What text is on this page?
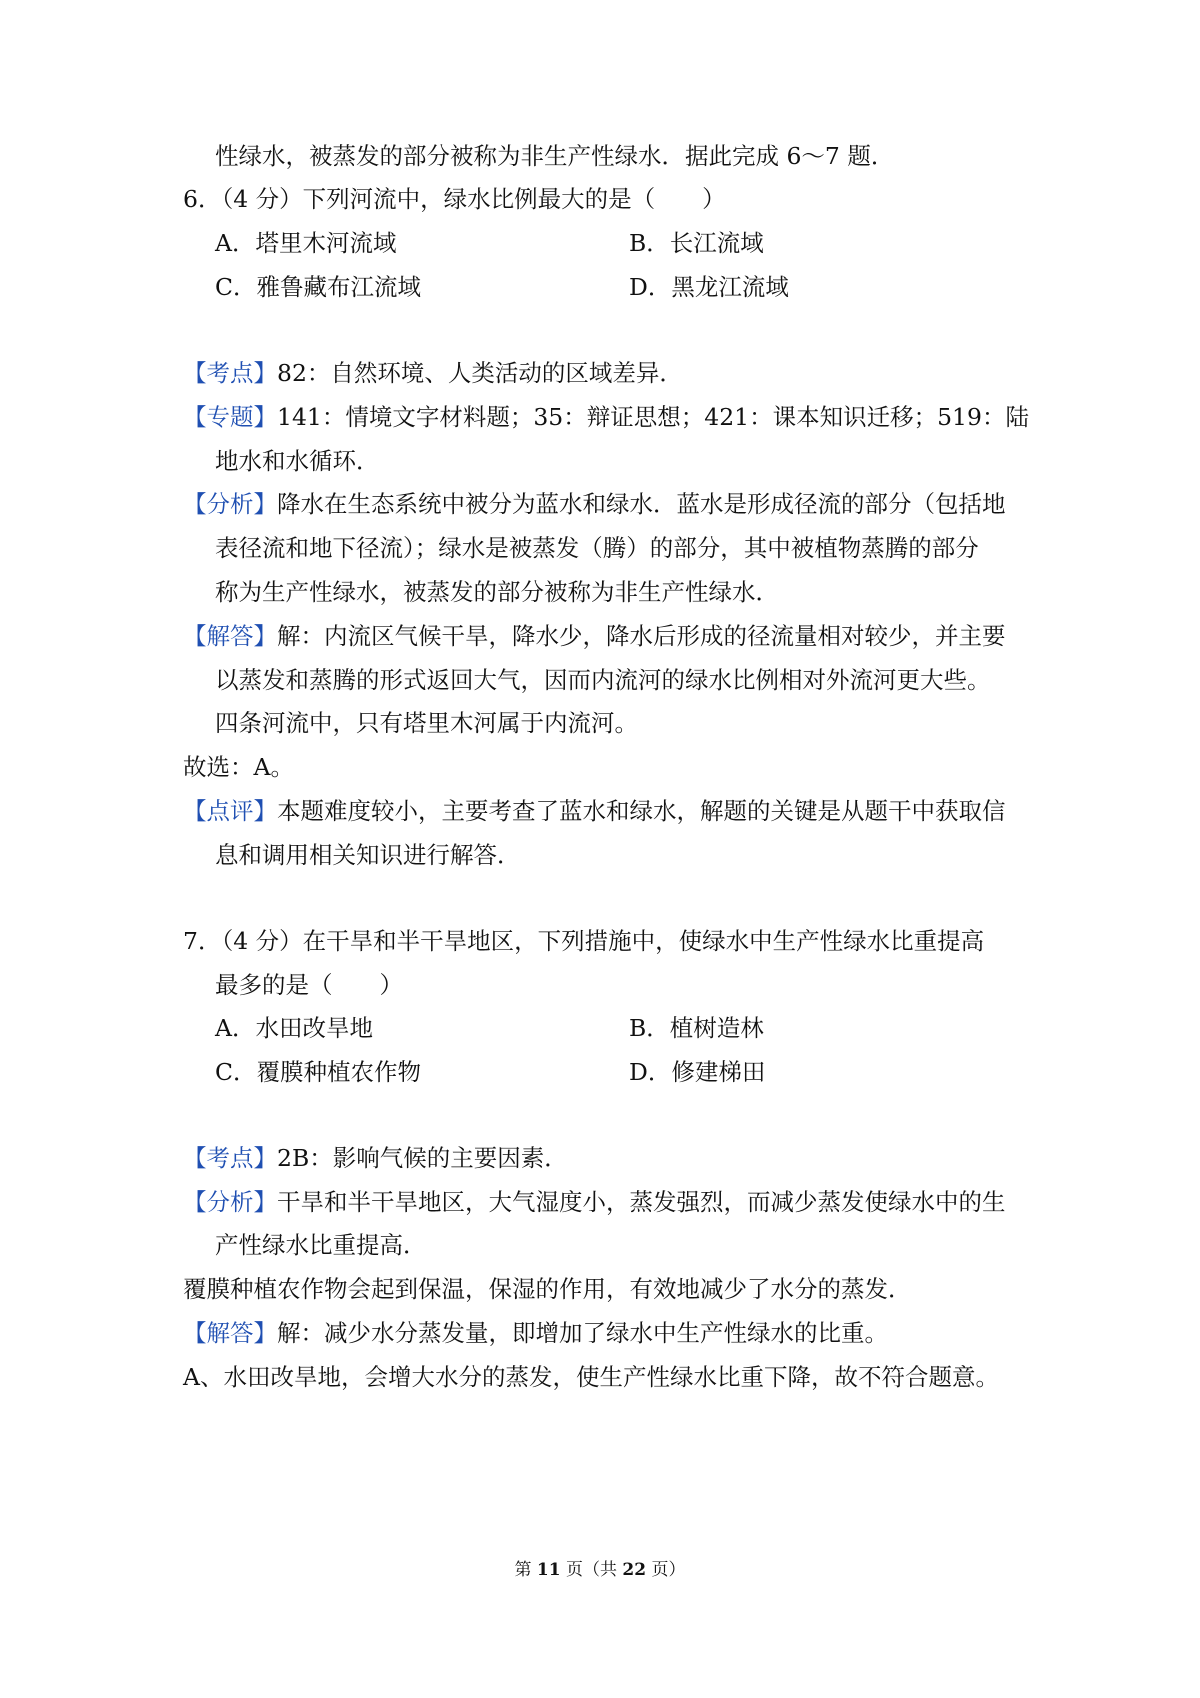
性绿水，被蒸发的部分被称为非生产性绿水．据此完成 6～7 题．
6．（4 分）下列河流中，绿水比例最大的是（　　）
A．塔里木河流域	B．长江流域
C．雅鲁藏布江流域	D．黑龙江流域
【考点】82：自然环境、人类活动的区域差异．
【专题】141：情境文字材料题；35：辩证思想；421：课本知识迁移；519：陆
地水和水循环．
【分析】降水在生态系统中被分为蓝水和绿水．蓝水是形成径流的部分（包括地
表径流和地下径流）；绿水是被蒸发（腾）的部分，其中被植物蒸腾的部分
称为生产性绿水，被蒸发的部分被称为非生产性绿水．
【解答】解：内流区气候干旱，降水少，降水后形成的径流量相对较少，并主要
以蒸发和蒸腾的形式返回大气，因而内流河的绿水比例相对外流河更大些。
四条河流中，只有塔里木河属于内流河。
故选：A。
【点评】本题难度较小，主要考查了蓝水和绿水，解题的关键是从题干中获取信
息和调用相关知识进行解答．
7．（4 分）在干旱和半干旱地区，下列措施中，使绿水中生产性绿水比重提高
最多的是（　　）
A．水田改旱地	B．植树造林
C．覆膜种植农作物	D．修建梯田
【考点】2B：影响气候的主要因素．
【分析】干旱和半干旱地区，大气湿度小，蒸发强烈，而减少蒸发使绿水中的生
产性绿水比重提高．
覆膜种植农作物会起到保温，保湿的作用，有效地减少了水分的蒸发．
【解答】解：减少水分蒸发量，即增加了绿水中生产性绿水的比重。
A、水田改旱地，会增大水分的蒸发，使生产性绿水比重下降，故不符合题意。
第 11 页（共 22 页）
